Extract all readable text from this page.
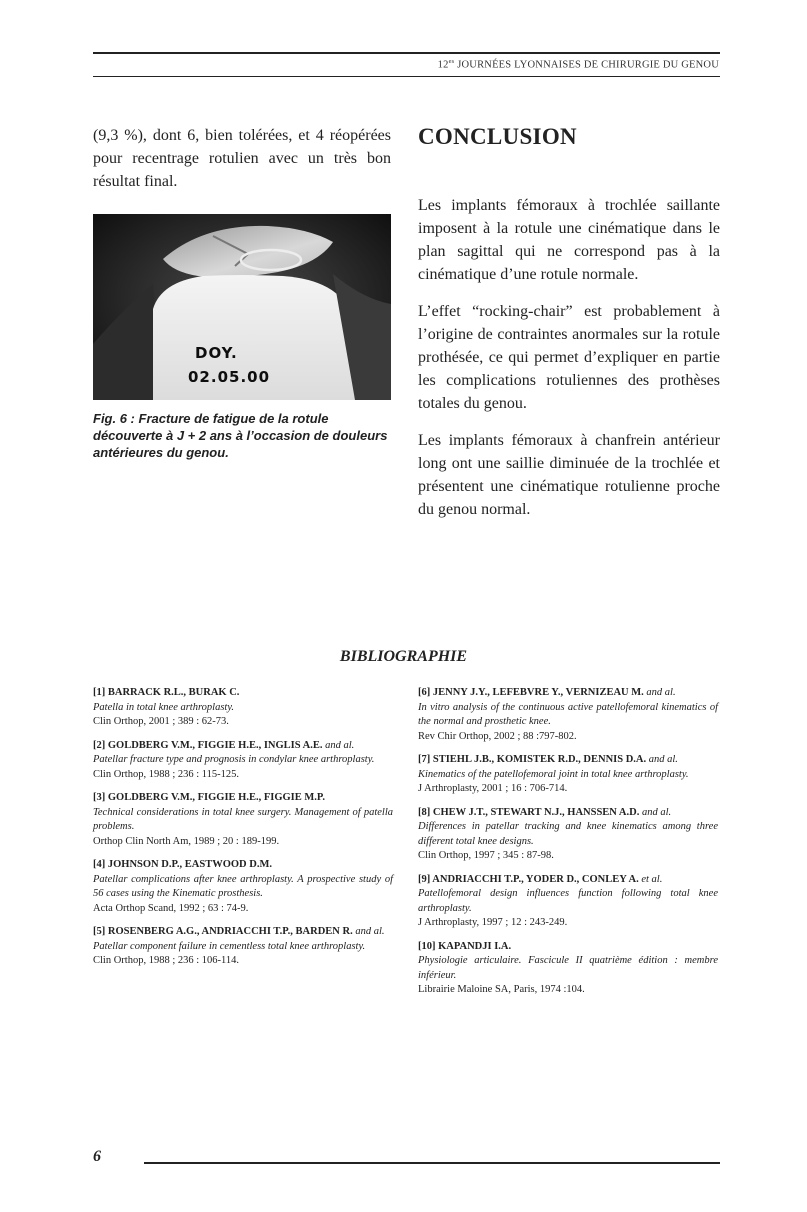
$12^{es}$ JOURNÉES LYONNAISES DE CHIRURGIE DU GENOU

(9,3 %), dont 6, bien tolérées, et 4 réopérées pour recentrage rotulien avec un très bon résultat final.

DOY.
02.05.00

Fig. 6 : Fracture de fatigue de la rotule découverte à J + 2 ans à l’occasion de douleurs antérieures du genou.

CONCLUSION

Les implants fémoraux à trochlée saillante imposent à la rotule une cinématique dans le plan sagittal qui ne correspond pas à la cinématique d’une rotule normale.

L’effet “rocking-chair” est probablement à l’origine de contraintes anormales sur la rotule prothésée, ce qui permet d’expliquer en partie les complications rotuliennes des prothèses totales du genou.

Les implants fémoraux à chanfrein antérieur long ont une saillie diminuée de la trochlée et présentent une cinématique rotulienne proche du genou normal.

BIBLIOGRAPHIE
[1] BARRACK R.L., BURAK C.
Patella in total knee arthroplasty.
Clin Orthop, 2001 ; 389 : 62-73.
[2] GOLDBERG V.M., FIGGIE H.E., INGLIS A.E. and al.
Patellar fracture type and prognosis in condylar knee arthroplasty.
Clin Orthop, 1988 ; 236 : 115-125.
[3] GOLDBERG V.M., FIGGIE H.E., FIGGIE M.P.
Technical considerations in total knee surgery. Management of patella problems.
Orthop Clin North Am, 1989 ; 20 : 189-199.
[4] JOHNSON D.P., EASTWOOD D.M.
Patellar complications after knee arthroplasty. A prospective study of 56 cases using the Kinematic prosthesis.
Acta Orthop Scand, 1992 ; 63 : 74-9.
[5] ROSENBERG A.G., ANDRIACCHI T.P., BARDEN R. and al.
Patellar component failure in cementless total knee arthroplasty.
Clin Orthop, 1988 ; 236 : 106-114.
[6] JENNY J.Y., LEFEBVRE Y., VERNIZEAU M. and al.
In vitro analysis of the continuous active patellofemoral kinematics of the normal and prosthetic knee.
Rev Chir Orthop, 2002 ; 88 :797-802.
[7] STIEHL J.B., KOMISTEK R.D., DENNIS D.A. and al.
Kinematics of the patellofemoral joint in total knee arthroplasty.
J Arthroplasty, 2001 ; 16 : 706-714.
[8] CHEW J.T., STEWART N.J., HANSSEN A.D. and al.
Differences in patellar tracking and knee kinematics among three different total knee designs.
Clin Orthop, 1997 ; 345 : 87-98.
[9] ANDRIACCHI T.P., YODER D., CONLEY A. et al.
Patellofemoral design influences function following total knee arthroplasty.
J Arthroplasty, 1997 ; 12 : 243-249.
[10] KAPANDJI I.A.
Physiologie articulaire. Fascicule II quatrième édition : membre inférieur.
Librairie Maloine SA, Paris, 1974 :104.
6
